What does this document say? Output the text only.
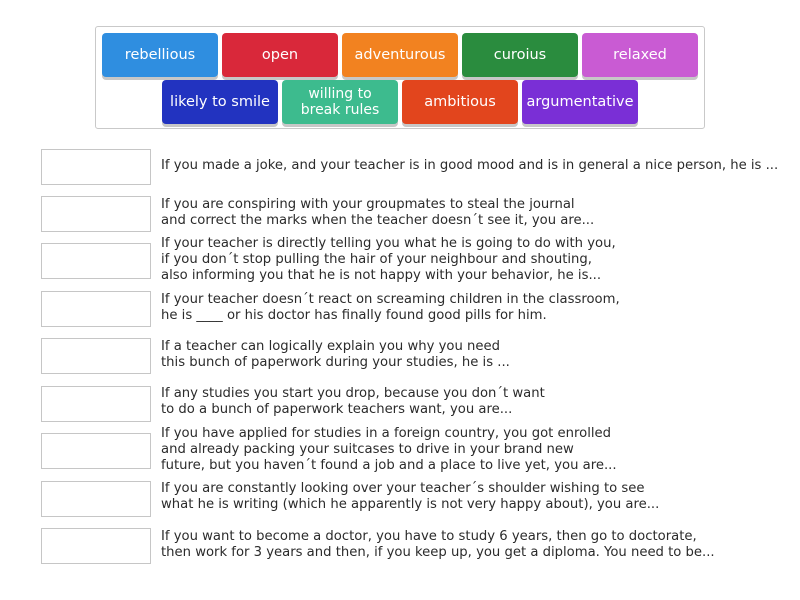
rebellious	open	adventurous	curoius	relaxed
likely to smile	willing to break rules
ambitious	argumentative
If you made a joke, and your teacher is in good mood and is in general a nice person, he is ...
If you are conspiring with your groupmates to steal the journal
and correct the marks when the teacher doesn´t see it, you are...
If your teacher is directly telling you what he is going to do with you,
if you don´t stop pulling the hair of your neighbour and shouting,
also informing you that he is not happy with your behavior, he is...
If your teacher doesn´t react on screaming children in the classroom,
he is ____ or his doctor has finally found good pills for him.
If a teacher can logically explain you why you need
this bunch of paperwork during your studies, he is ...
If any studies you start you drop, because you don´t want
to do a bunch of paperwork teachers want, you are...
If you have applied for studies in a foreign country, you got enrolled
and already packing your suitcases to drive in your brand new
future, but you haven´t found a job and a place to live yet, you are...
If you are constantly looking over your teacher´s shoulder wishing to see
what he is writing (which he apparently is not very happy about), you are...
If you want to become a doctor, you have to study 6 years, then go to doctorate,
then work for 3 years and then, if you keep up, you get a diploma. You need to be...
